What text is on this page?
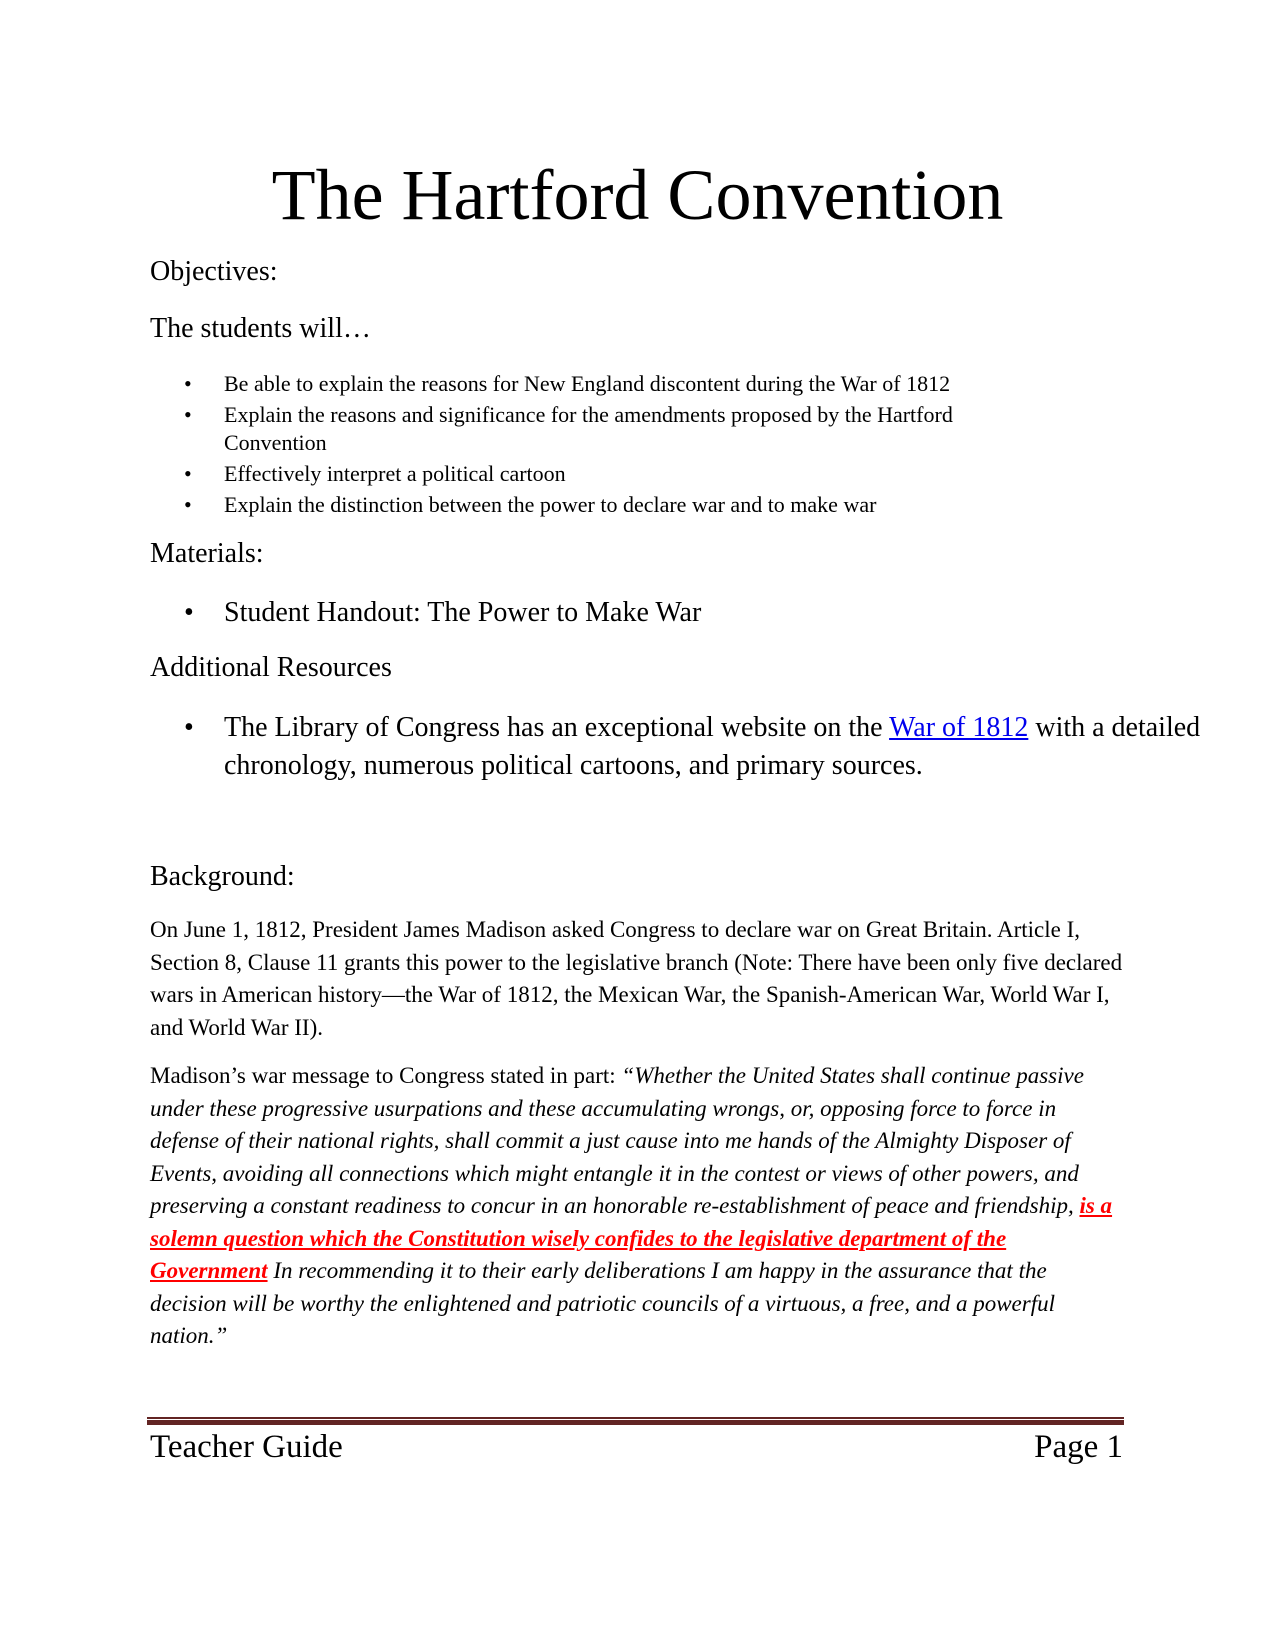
The Hartford Convention
Objectives:
The students will…
• Be able to explain the reasons for New England discontent during the War of 1812
• Explain the reasons and significance for the amendments proposed by the Hartford Convention
• Effectively interpret a political cartoon
• Explain the distinction between the power to declare war and to make war
Materials:
• Student Handout: The Power to Make War
Additional Resources
• The Library of Congress has an exceptional website on the War of 1812 with a detailed chronology, numerous political cartoons, and primary sources.
Background:

On June 1, 1812, President James Madison asked Congress to declare war on Great Britain. Article I, Section 8, Clause 11 grants this power to the legislative branch (Note: There have been only five declared wars in American history—the War of 1812, the Mexican War, the Spanish-American War, World War I, and World War II).

Madison’s war message to Congress stated in part: “Whether the United States shall continue passive under these progressive usurpations and these accumulating wrongs, or, opposing force to force in defense of their national rights, shall commit a just cause into me hands of the Almighty Disposer of Events, avoiding all connections which might entangle it in the contest or views of other powers, and preserving a constant readiness to concur in an honorable re-establishment of peace and friendship, is a solemn question which the Constitution wisely confides to the legislative department of the Government In recommending it to their early deliberations I am happy in the assurance that the decision will be worthy the enlightened and patriotic councils of a virtuous, a free, and a powerful nation.”

Teacher Guide	Page 1
